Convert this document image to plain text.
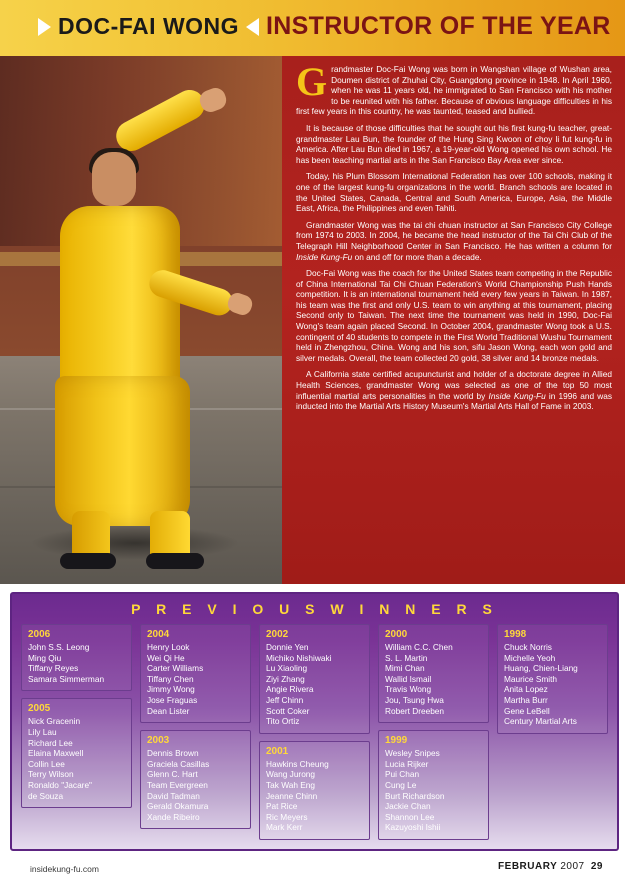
DOC-FAI WONG INSTRUCTOR OF THE YEAR

Grandmaster Doc-Fai Wong was born in Wangshan village of Wushan area, Doumen district of Zhuhai City, Guangdong province in 1948. In April 1960, when he was 11 years old, he immigrated to San Francisco with his mother to be reunited with his father. Because of obvious language difficulties in his first few years in this country, he was taunted, teased and bullied.

It is because of those difficulties that he sought out his first kung-fu teacher, great-grandmaster Lau Bun, the founder of the Hung Sing Kwoon of choy li fut kung-fu in America. After Lau Bun died in 1967, a 19-year-old Wong opened his own school. He has been teaching martial arts in the San Francisco Bay Area ever since.

Today, his Plum Blossom International Federation has over 100 schools, making it one of the largest kung-fu organizations in the world. Branch schools are located in the United States, Canada, Central and South America, Europe, Asia, the Middle East, Africa, the Philippines and even Tahiti.

Grandmaster Wong was the tai chi chuan instructor at San Francisco City College from 1974 to 2003. In 2004, he became the head instructor of the Tai Chi Club of the Telegraph Hill Neighborhood Center in San Francisco. He has written a column for Inside Kung-Fu on and off for more than a decade.

Doc-Fai Wong was the coach for the United States team competing in the Republic of China International Tai Chi Chuan Federation's World Championship Push Hands competition. It is an international tournament held every few years in Taiwan. In 1987, his team was the first and only U.S. team to win anything at this tournament, placing Second only to Taiwan. The next time the tournament was held in 1990, Doc-Fai Wong's team again placed Second. In October 2004, grandmaster Wong took a U.S. contingent of 40 students to compete in the First World Traditional Wushu Tournament held in Zhengzhou, China. Wong and his son, sifu Jason Wong, each won gold and silver medals. Overall, the team collected 20 gold, 38 silver and 14 bronze medals.

A California state certified acupuncturist and holder of a doctorate degree in Allied Health Sciences, grandmaster Wong was selected as one of the top 50 most influential martial arts personalities in the world by Inside Kung-Fu in 1996 and was inducted into the Martial Arts History Museum's Martial Arts Hall of Fame in 2003.

P R E V I O U S W I N N E R S
2006
John S.S. Leong
Ming Qiu
Tiffany Reyes
Samara Simmerman
2005
Nick Gracenin
Lily Lau
Richard Lee
Elaina Maxwell
Collin Lee
Terry Wilson
Ronaldo "Jacare"
de Souza
2004
Henry Look
Wei Qi He
Carter Williams
Tiffany Chen
Jimmy Wong
Jose Fraguas
Dean Lister
2003
Dennis Brown
Graciela Casillas
Glenn C. Hart
Team Evergreen
David Tadman
Gerald Okamura
Xande Ribeiro
2002
Donnie Yen
Michiko Nishiwaki
Lu Xiaoling
Ziyi Zhang
Angie Rivera
Jeff Chinn
Scott Coker
Tito Ortiz
2001
Hawkins Cheung
Wang Jurong
Tak Wah Eng
Jeanne Chinn
Pat Rice
Ric Meyers
Mark Kerr
2000
William C.C. Chen
S. L. Martin
Mimi Chan
Wallid Ismail
Travis Wong
Jou, Tsung Hwa
Robert Dreeben
1999
Wesley Snipes
Lucia Rijker
Pui Chan
Cung Le
Burt Richardson
Jackie Chan
Shannon Lee
Kazuyoshi Ishii
1998
Chuck Norris
Michelle Yeoh
Huang, Chien-Liang
Maurice Smith
Anita Lopez
Martha Burr
Gene LeBell
Century Martial Arts
insidekung-fu.com	FEBRUARY 2007 29
